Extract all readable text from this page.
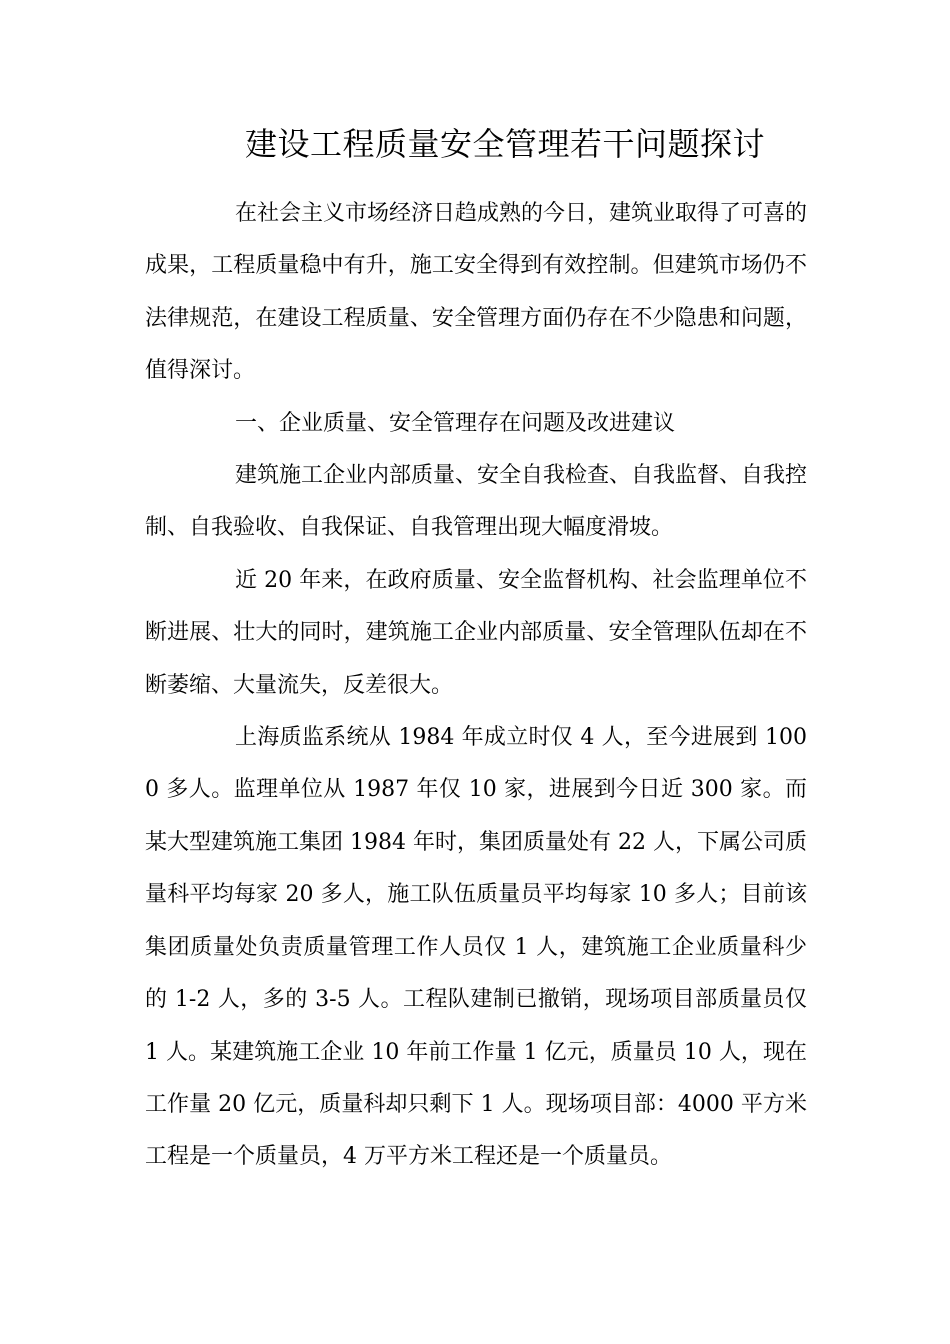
建设工程质量安全管理若干问题探讨

在社会主义市场经济日趋成熟的今日，建筑业取得了可喜的成果，工程质量稳中有升，施工安全得到有效控制。但建筑市场仍不法律规范，在建设工程质量、安全管理方面仍存在不少隐患和问题，值得深讨。

一、企业质量、安全管理存在问题及改进建议

建筑施工企业内部质量、安全自我检查、自我监督、自我控制、自我验收、自我保证、自我管理出现大幅度滑坡。

近 20 年来，在政府质量、安全监督机构、社会监理单位不断进展、壮大的同时，建筑施工企业内部质量、安全管理队伍却在不断萎缩、大量流失，反差很大。

上海质监系统从 1984 年成立时仅 4 人，至今进展到 1000 多人。监理单位从 1987 年仅 10 家，进展到今日近 300 家。而某大型建筑施工集团 1984 年时，集团质量处有 22 人，下属公司质量科平均每家 20 多人，施工队伍质量员平均每家 10 多人；目前该集团质量处负责质量管理工作人员仅 1 人，建筑施工企业质量科少的 1-2 人，多的 3-5 人。工程队建制已撤销，现场项目部质量员仅 1 人。某建筑施工企业 10 年前工作量 1 亿元，质量员 10 人，现在工作量 20 亿元，质量科却只剩下 1 人。现场项目部：4000 平方米工程是一个质量员，4 万平方米工程还是一个质量员。
